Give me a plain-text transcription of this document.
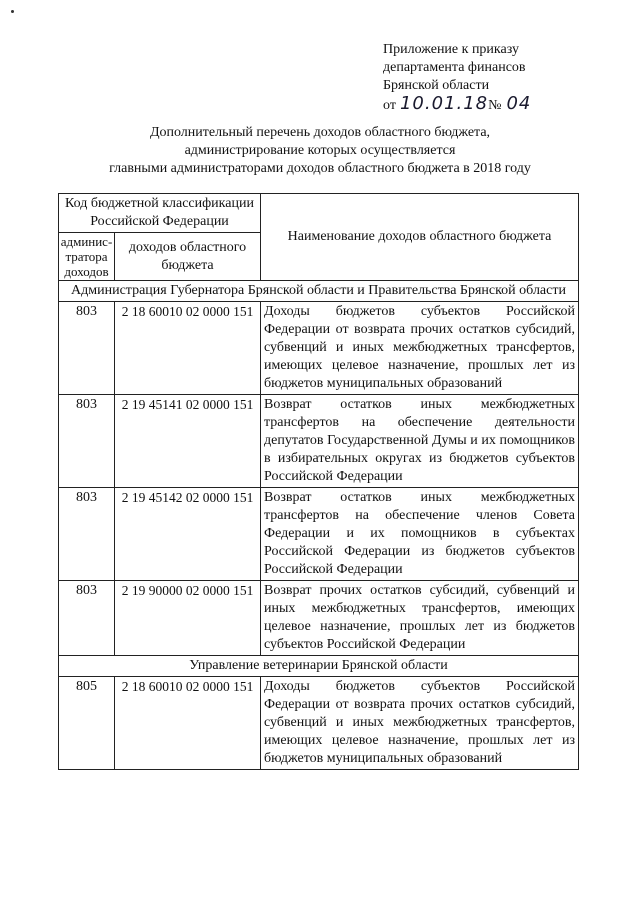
Приложение к приказу
департамента финансов
Брянской области
от 10.01.18№ 04
Дополнительный перечень доходов областного бюджета,
администрирование которых осуществляется
главными администраторами доходов областного бюджета в 2018 году
Код бюджетной классификации Российской Федерации		Наименование доходов областного бюджета
админис-тратора доходов	доходов областного бюджета	
Администрация Губернатора Брянской области и Правительства Брянской области		
803	2 18 60010 02 0000 151	Доходы бюджетов субъектов Российской Федерации от возврата прочих остатков субсидий, субвенций и иных межбюджетных трансфертов, имеющих целевое назначение, прошлых лет из бюджетов муниципальных образований
803	2 19 45141 02 0000 151	Возврат остатков иных межбюджетных трансфертов на обеспечение деятельности депутатов Государственной Думы и их помощников в избирательных округах из бюджетов субъектов Российской Федерации
803	2 19 45142 02 0000 151	Возврат остатков иных межбюджетных трансфертов на обеспечение членов Совета Федерации и их помощников в субъектах Российской Федерации из бюджетов субъектов Российской Федерации
803	2 19 90000 02 0000 151	Возврат прочих остатков субсидий, субвенций и иных межбюджетных трансфертов, имеющих целевое назначение, прошлых лет из бюджетов субъектов Российской Федерации
Управление ветеринарии Брянской области		
805	2 18 60010 02 0000 151	Доходы бюджетов субъектов Российской Федерации от возврата прочих остатков субсидий, субвенций и иных межбюджетных трансфертов, имеющих целевое назначение, прошлых лет из бюджетов муниципальных образований
